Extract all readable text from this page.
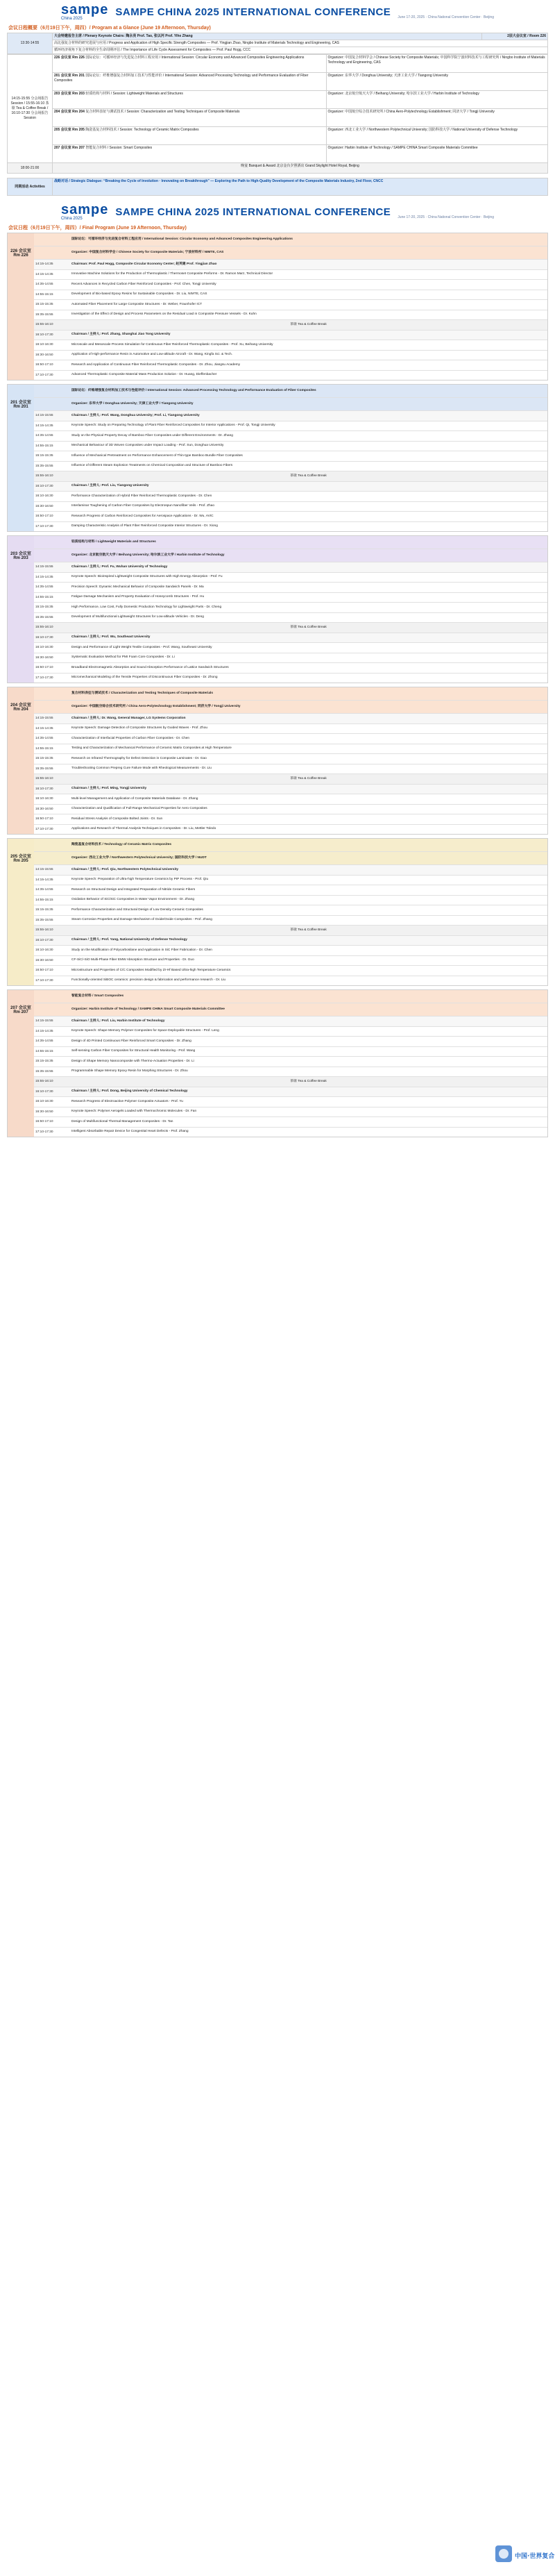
sampe
China 2025
SAMPE CHINA 2025 INTERNATIONAL CONFERENCE June 17-20, 2025 · China National Convention Center · Beijing
会议日程概要（6月19日下午，周四）/ Program at a Glance (June 19 Afternoon, Thursday)
13:30-14:55	大会特邀报告主席 / Plenary Keynote Chairs: 陶永亮 Prof. Tao, 张以河 Prof. Yihe Zhang	2层大会议室 / Room 226
高比强复合材料的研究进展与应用 / Progress and Application of High Specific Strength Composites — Prof. Yingjian Zhao, Ningbo Institute of Materials Technology and Engineering, CAS
循环经济视角下复合材料的全生命周期评估 / The Importance of Life Cycle Assessment for Composites — Prof. Paul Hogg, CCC
14:15-15:55 分会场报告 Session / 15:55-16:10 茶歇 Tea & Coffee Break / 16:10-17:30 分会场报告 Session	226 会议室 Rm 226 国际论坛：可循环经济与先进复合材料工程应用 / International Session: Circular Economy and Advanced Composites Engineering Applications	Organizer: 中国复合材料学会 / Chinese Society for Composite Materials; 中国科学院宁波材料技术与工程研究所 / Ningbo Institute of Materials Technology and Engineering, CAS
	201 会议室 Rm 201 国际论坛：纤维增强复合材料加工技术与性能评价 / International Session: Advanced Processing Technology and Performance Evaluation of Fiber Composites	Organizer: 东华大学 / Donghua University; 天津工业大学 / Tiangong University
	203 会议室 Rm 203 轻质结构与材料 / Session: Lightweight Materials and Structures	Organizer: 北京航空航天大学 / Beihang University; 哈尔滨工业大学 / Harbin Institute of Technology
	204 会议室 Rm 204 复合材料表征与测试技术 / Session: Characterization and Testing Techniques of Composite Materials	Organizer: 中国航空综合技术研究所 / China Aero-Polytechnology Establishment; 同济大学 / Tongji University
	205 会议室 Rm 205 陶瓷基复合材料技术 / Session: Technology of Ceramic Matrix Composites	Organizer: 西北工业大学 / Northwestern Polytechnical University; 国防科技大学 / National University of Defense Technology
	207 会议室 Rm 207 智能复合材料 / Session: Smart Composites	Organizer: Harbin Institute of Technology / SAMPE CHINA Smart Composite Materials Committee
18:00-21:00	晚宴 Banquet & Award 北京金台夕照酒店 Grand Skylight Hotel Royal, Beijing	
同期活动 Activities	战略对话 / Strategic Dialogue: “Breaking the Cycle of Involution · Innovating on Breakthrough” — Exploring the Path to High-Quality Development of the Composite Materials Industry, 2nd Floor, CNCC
sampe
China 2025
SAMPE CHINA 2025 INTERNATIONAL CONFERENCE June 17-20, 2025 · China National Convention Center · Beijing
会议日程（6月19日下午，周四）/ Final Program (June 19 Afternoon, Thursday)
226 会议室 Rm 226
国际论坛：可循环经济与先进复合材料工程应用 / International Session: Circular Economy and Advanced Composites Engineering Applications
Organizer: 中国复合材料学会 / Chinese Society for Composite Materials; 宁波材料所 / NIMTE, CAS
14:15-14:35	Chairman: Prof. Paul Hogg, Composite Circular Economy Center; 赵英建 Prof. Yingjian Zhao
14:15-14:35	Innovative Machine Solutions for the Production of Thermoplastic / Thermoset Composite Preforms - Dr. Ramon Marz, Technical Director
14:35-14:55	Recent Advances in Recycled Carbon Fiber Reinforced Composites - Prof. Chen, Tongji University
14:55-15:15	Development of Bio-based Epoxy Resins for Sustainable Composites - Dr. Liu, NIMTE, CAS
15:15-15:35	Automated Fiber Placement for Large Composite Structures - Dr. Weber, Fraunhofer ICT
15:35-15:55	Investigation of the Effect of Design and Process Parameters on the Residual Load in Composite Pressure Vessels - Dr. Kuhn
15:55-16:10	茶歇 Tea & Coffee Break
16:10-17:30	Chairman / 主持人: Prof. Zhang, Shanghai Jiao Tong University
16:10-16:30	Microscale and Mesoscale Process Simulation for Continuous Fiber Reinforced Thermoplastic Composites - Prof. Xu, Beihang University
16:30-16:50	Application of High-performance Resin in Automotive and Low-altitude Aircraft - Dr. Wang, Kingfa Sci. & Tech.
16:50-17:10	Research and Application of Continuous Fiber Reinforced Thermoplastic Composites - Dr. Zhou, Jiangsu Academy
17:10-17:30	Advanced Thermoplastic Composite Material Mass Production Solution - Dr. Huang, Dieffenbacher
201 会议室 Rm 201
国际论坛：纤维增强复合材料加工技术与性能评价 / International Session: Advanced Processing Technology and Performance Evaluation of Fiber Composites
Organizer: 东华大学 / Donghua University; 天津工业大学 / Tiangong University
14:15-15:55	Chairman / 主持人: Prof. Wang, Donghua University; Prof. Li, Tiangong University
14:15-14:35	Keynote Speech: Study on Preparing Technology of Plant Fiber Reinforced Composites for Interior Applications - Prof. Qi, Tongji University
14:35-14:55	Study on the Physical Property Decay of Bamboo Fiber Composites under Different Environments - Dr. Zhang
14:55-15:15	Mechanical Behaviour of 3D Woven Composites under Impact Loading - Prof. Sun, Donghua University
15:15-15:35	Influence of Mechanical Pretreatment on Performance Enhancement of Thin-type Bamboo Bundle Fiber Composites
15:35-15:55	Influence of Different Steam Explosion Treatments on Chemical Composition and Structure of Bamboo Fibers
15:55-16:10	茶歇 Tea & Coffee Break
16:10-17:30	Chairman / 主持人: Prof. Liu, Tiangong University
16:10-16:30	Performance Characterization of Hybrid Fiber Reinforced Thermoplastic Composites - Dr. Chen
16:30-16:50	Interlaminar Toughening of Carbon Fiber Composites by Electrospun Nanofiber Veils - Prof. Zhao
16:50-17:10	Research Progress of Carbon Reinforced Composites for Aerospace Applications - Dr. Wu, AVIC
17:10-17:30	Damping Characteristic Analysis of Plant Fiber Reinforced Composite Interior Structures - Dr. Xiong
203 会议室 Rm 203
轻质结构与材料 / Lightweight Materials and Structures
Organizer: 北京航空航天大学 / Beihang University; 哈尔滨工业大学 / Harbin Institute of Technology
14:15-15:55	Chairman / 主持人: Prof. Fu, Wuhan University of Technology
14:15-14:35	Keynote Speech: Bioinspired Lightweight Composite Structures with High Energy Absorption - Prof. Fu
14:35-14:55	Precision Speech: Dynamic Mechanical Behavior of Composite Sandwich Panels - Dr. Ma
14:55-15:15	Fatigue Damage Mechanism and Property Evaluation of Honeycomb Structures - Prof. Hu
15:15-15:35	High Performance, Low Cost, Fully Domestic Production Technology for Lightweight Parts - Dr. Cheng
15:35-15:55	Development of Multifunctional Lightweight Structures for Low-altitude Vehicles - Dr. Deng
15:55-16:10	茶歇 Tea & Coffee Break
16:10-17:30	Chairman / 主持人: Prof. Wu, Southeast University
16:10-16:30	Design and Performance of Light Weight Textile Composites - Prof. Wang, Southeast University
16:30-16:50	Systematic Evaluation Method for PMI Foam Core Composites - Dr. Li
16:50-17:10	Broadband Electromagnetic Absorption and Sound Absorption Performance of Lattice Sandwich Structures
17:10-17:30	Micromechanical Modeling of the Tensile Properties of Discontinuous Fiber Composites - Dr. Zhong
204 会议室 Rm 204
复合材料表征与测试技术 / Characterization and Testing Techniques of Composite Materials
Organizer: 中国航空综合技术研究所 / China Aero-Polytechnology Establishment; 同济大学 / Tongji University
14:15-15:55	Chairman / 主持人: Dr. Wang, General Manager, LG Systems Corporation
14:15-14:35	Keynote Speech: Damage Detection of Composite Structures by Guided Waves - Prof. Zhou
14:35-14:55	Characterization of Interfacial Properties of Carbon Fiber Composites - Dr. Chen
14:55-15:15	Testing and Characterization of Mechanical Performance of Ceramic Matrix Composites at High Temperature
15:15-15:35	Research on Infrared Thermography for Defect Detection in Composite Laminates - Dr. Gao
15:35-15:55	Troubleshooting Common Prepreg Cure Failure Mode with Rheological Measurements - Dr. Liu
15:55-16:10	茶歇 Tea & Coffee Break
16:10-17:30	Chairman / 主持人: Prof. Ming, Tongji University
16:10-16:30	Multi-level Management and Application of Composite Materials Database - Dr. Zhang
16:30-16:50	Characterization and Qualification of Full-Range Mechanical Properties for Aero Composites
16:50-17:10	Residual Stress Analysis of Composite Bolted Joints - Dr. Sun
17:10-17:30	Applications and Research of Thermal Analysis Techniques in Composites - Dr. Liu, Mettler Toledo
205 会议室 Rm 205
陶瓷基复合材料技术 / Technology of Ceramic Matrix Composites
Organizer: 西北工业大学 / Northwestern Polytechnical University; 国防科技大学 / NUDT
14:15-15:55	Chairman / 主持人: Prof. Qiu, Northwestern Polytechnical University
14:15-14:35	Keynote Speech: Preparation of Ultra-high Temperature Ceramics by PIP Process - Prof. Qiu
14:35-14:55	Research on Structural Design and Integrated Preparation of Nitride Ceramic Fibers
14:55-15:15	Oxidation Behavior of SiC/SiC Composites in Water Vapor Environment - Dr. Zhang
15:15-15:35	Performance Characterization and Structural Design of Low Density Ceramic Composites
15:35-15:55	Steam Corrosion Properties and Damage Mechanism of Oxide/Oxide Composites - Prof. Zhang
15:55-16:10	茶歇 Tea & Coffee Break
16:10-17:30	Chairman / 主持人: Prof. Yang, National University of Defense Technology
16:10-16:30	Study on the Modification of Polycarbosilane and Application in SiC Fiber Fabrication - Dr. Chen
16:30-16:50	CF-SiC/-SiO Multi-Phase Fiber EMW Absorption Structure and Properties - Dr. Guo
16:50-17:10	Microstructure and Properties of C/C Composites Modified by Zr-Hf Based Ultra-high Temperature Ceramics
17:10-17:30	Functionally-oriented SiBOC ceramics: precision design & fabrication and performance research - Dr. Liu
207 会议室 Rm 207
智能复合材料 / Smart Composites
Organizer: Harbin Institute of Technology / SAMPE CHINA Smart Composite Materials Committee
14:15-15:55	Chairman / 主持人: Prof. Liu, Harbin Institute of Technology
14:15-14:35	Keynote Speech: Shape Memory Polymer Composites for Space Deployable Structures - Prof. Leng
14:35-14:55	Design of 4D Printed Continuous Fiber Reinforced Smart Composites - Dr. Zhang
14:55-15:15	Self-sensing Carbon Fiber Composites for Structural Health Monitoring - Prof. Wang
15:15-15:35	Design of Shape Memory Nanocomposite with Thermo-Actuation Properties - Dr. Li
15:35-15:55	Programmable Shape Memory Epoxy Resin for Morphing Structures - Dr. Zhou
15:55-16:10	茶歇 Tea & Coffee Break
16:10-17:30	Chairman / 主持人: Prof. Dong, Beijing University of Chemical Technology
16:10-16:30	Research Progress of Electroactive Polymer Composite Actuators - Prof. Yu
16:30-16:50	Keynote Speech: Polymer Aerogels Loaded with Thermochromic Molecules - Dr. Fan
16:50-17:10	Design of Multifunctional Thermal Management Composites - Dr. Tan
17:10-17:30	Intelligent Absorbable Repair Device for Congenital Heart Defects - Prof. Zhang
中国·世界复合
